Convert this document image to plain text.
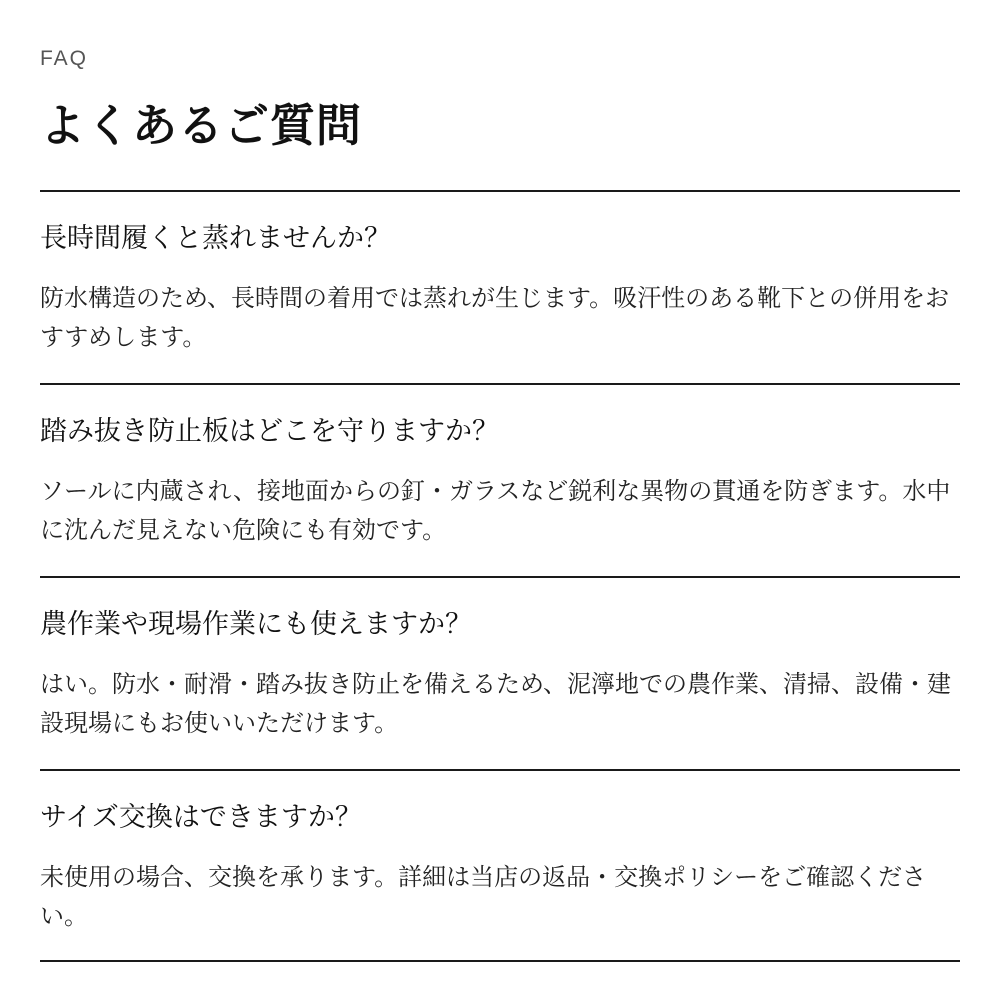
FAQ
よくあるご質問
長時間履くと蒸れませんか？
防水構造のため、長時間の着用では蒸れが生じます。吸汗性のある靴下との併用をおすすめします。
踏み抜き防止板はどこを守りますか？
ソールに内蔵され、接地面からの釘・ガラスなど鋭利な異物の貫通を防ぎます。水中に沈んだ見えない危険にも有効です。
農作業や現場作業にも使えますか？
はい。防水・耐滑・踏み抜き防止を備えるため、泥濘地での農作業、清掃、設備・建設現場にもお使いいただけます。
サイズ交換はできますか？
未使用の場合、交換を承ります。詳細は当店の返品・交換ポリシーをご確認ください。
